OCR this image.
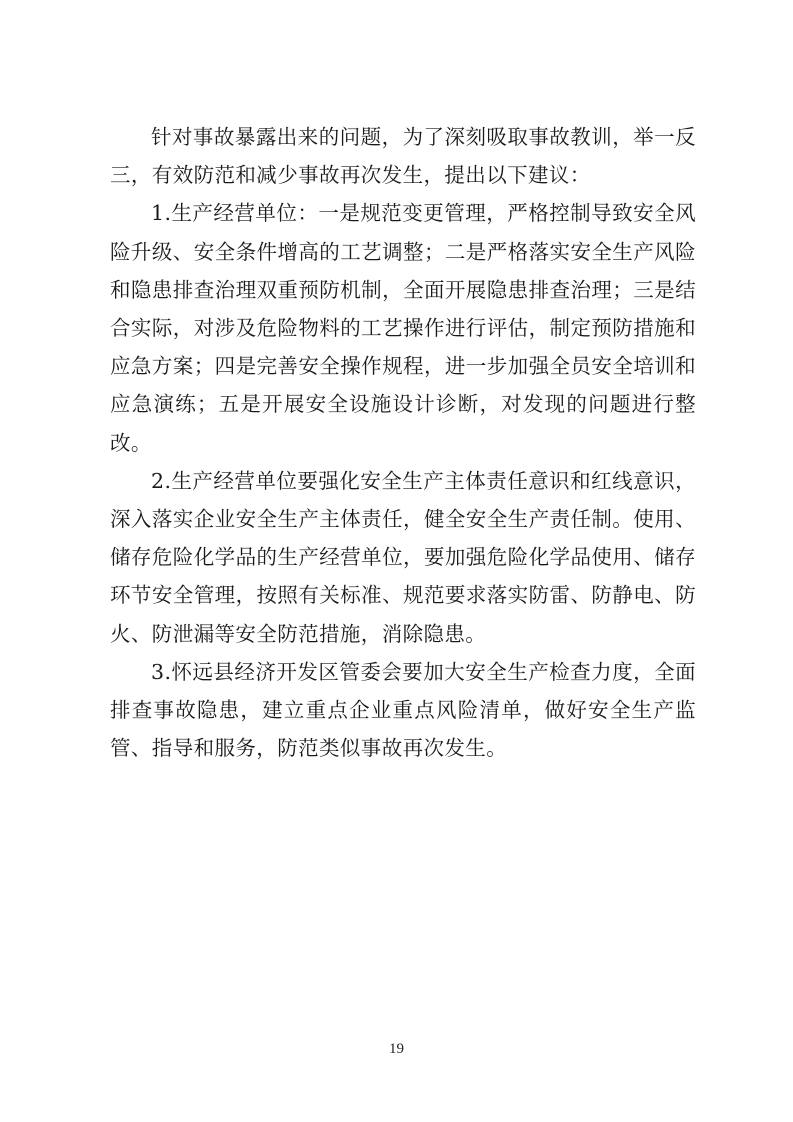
针对事故暴露出来的问题，为了深刻吸取事故教训，举一反三，有效防范和减少事故再次发生，提出以下建议：

1.生产经营单位：一是规范变更管理，严格控制导致安全风险升级、安全条件增高的工艺调整；二是严格落实安全生产风险和隐患排查治理双重预防机制，全面开展隐患排查治理；三是结合实际，对涉及危险物料的工艺操作进行评估，制定预防措施和应急方案；四是完善安全操作规程，进一步加强全员安全培训和应急演练；五是开展安全设施设计诊断，对发现的问题进行整改。

2.生产经营单位要强化安全生产主体责任意识和红线意识，深入落实企业安全生产主体责任，健全安全生产责任制。使用、储存危险化学品的生产经营单位，要加强危险化学品使用、储存环节安全管理，按照有关标准、规范要求落实防雷、防静电、防火、防泄漏等安全防范措施，消除隐患。

3.怀远县经济开发区管委会要加大安全生产检查力度，全面排查事故隐患，建立重点企业重点风险清单，做好安全生产监管、指导和服务，防范类似事故再次发生。

19
